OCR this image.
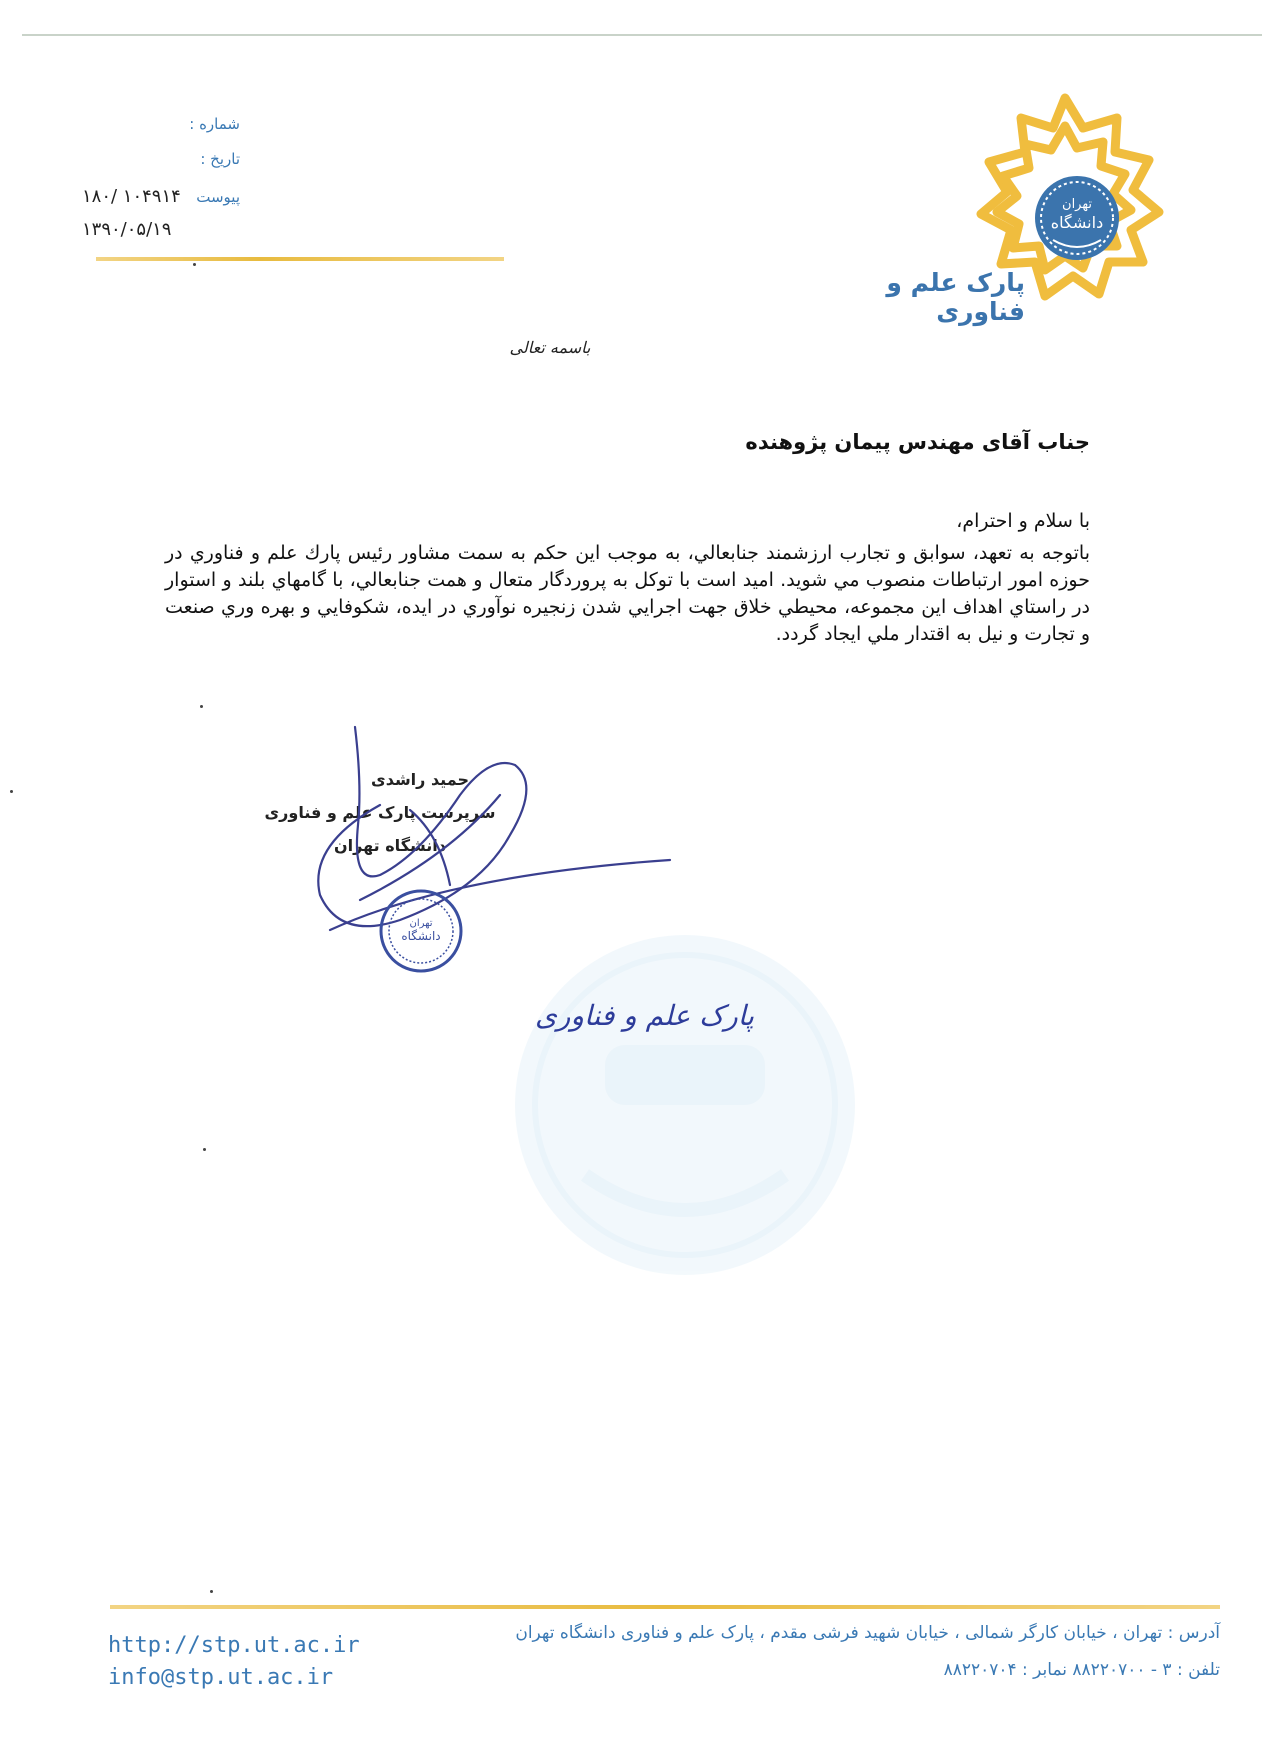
تهران
دانشگاه
پارک علم و فناوری
شماره :
تاریخ :
پیوست
۱۸۰/ ۱۰۴۹۱۴
۱۳۹۰/۰۵/۱۹
باسمه تعالی
جناب آقای مهندس پیمان پژوهنده
با سلام و احترام،
باتوجه به تعهد، سوابق و تجارب ارزشمند جنابعالي، به موجب اين حكم به سمت مشاور رئيس پارك علم و فناوري در حوزه امور ارتباطات منصوب مي شويد. اميد است با توكل به پروردگار متعال و همت جنابعالي، با گامهاي بلند و استوار در راستاي اهداف اين مجموعه، محيطي خلاق جهت اجرايي شدن زنجيره نوآوري در ايده، شكوفايي و بهره وري صنعت و تجارت و نيل به اقتدار ملي ايجاد گردد.
حمید راشدی
سرپرست پارک علم و فناوری
دانشگاه تهران
تهران
دانشگاه
پارک علم و فناوری
آدرس : تهران ، خیابان کارگر شمالی ، خیابان شهید فرشی مقدم ، پارک علم و فناوری دانشگاه تهران
تلفن : ۳ - ۸۸۲۲۰۷۰۰ نمابر : ۸۸۲۲۰۷۰۴
http://stp.ut.ac.ir
info@stp.ut.ac.ir
